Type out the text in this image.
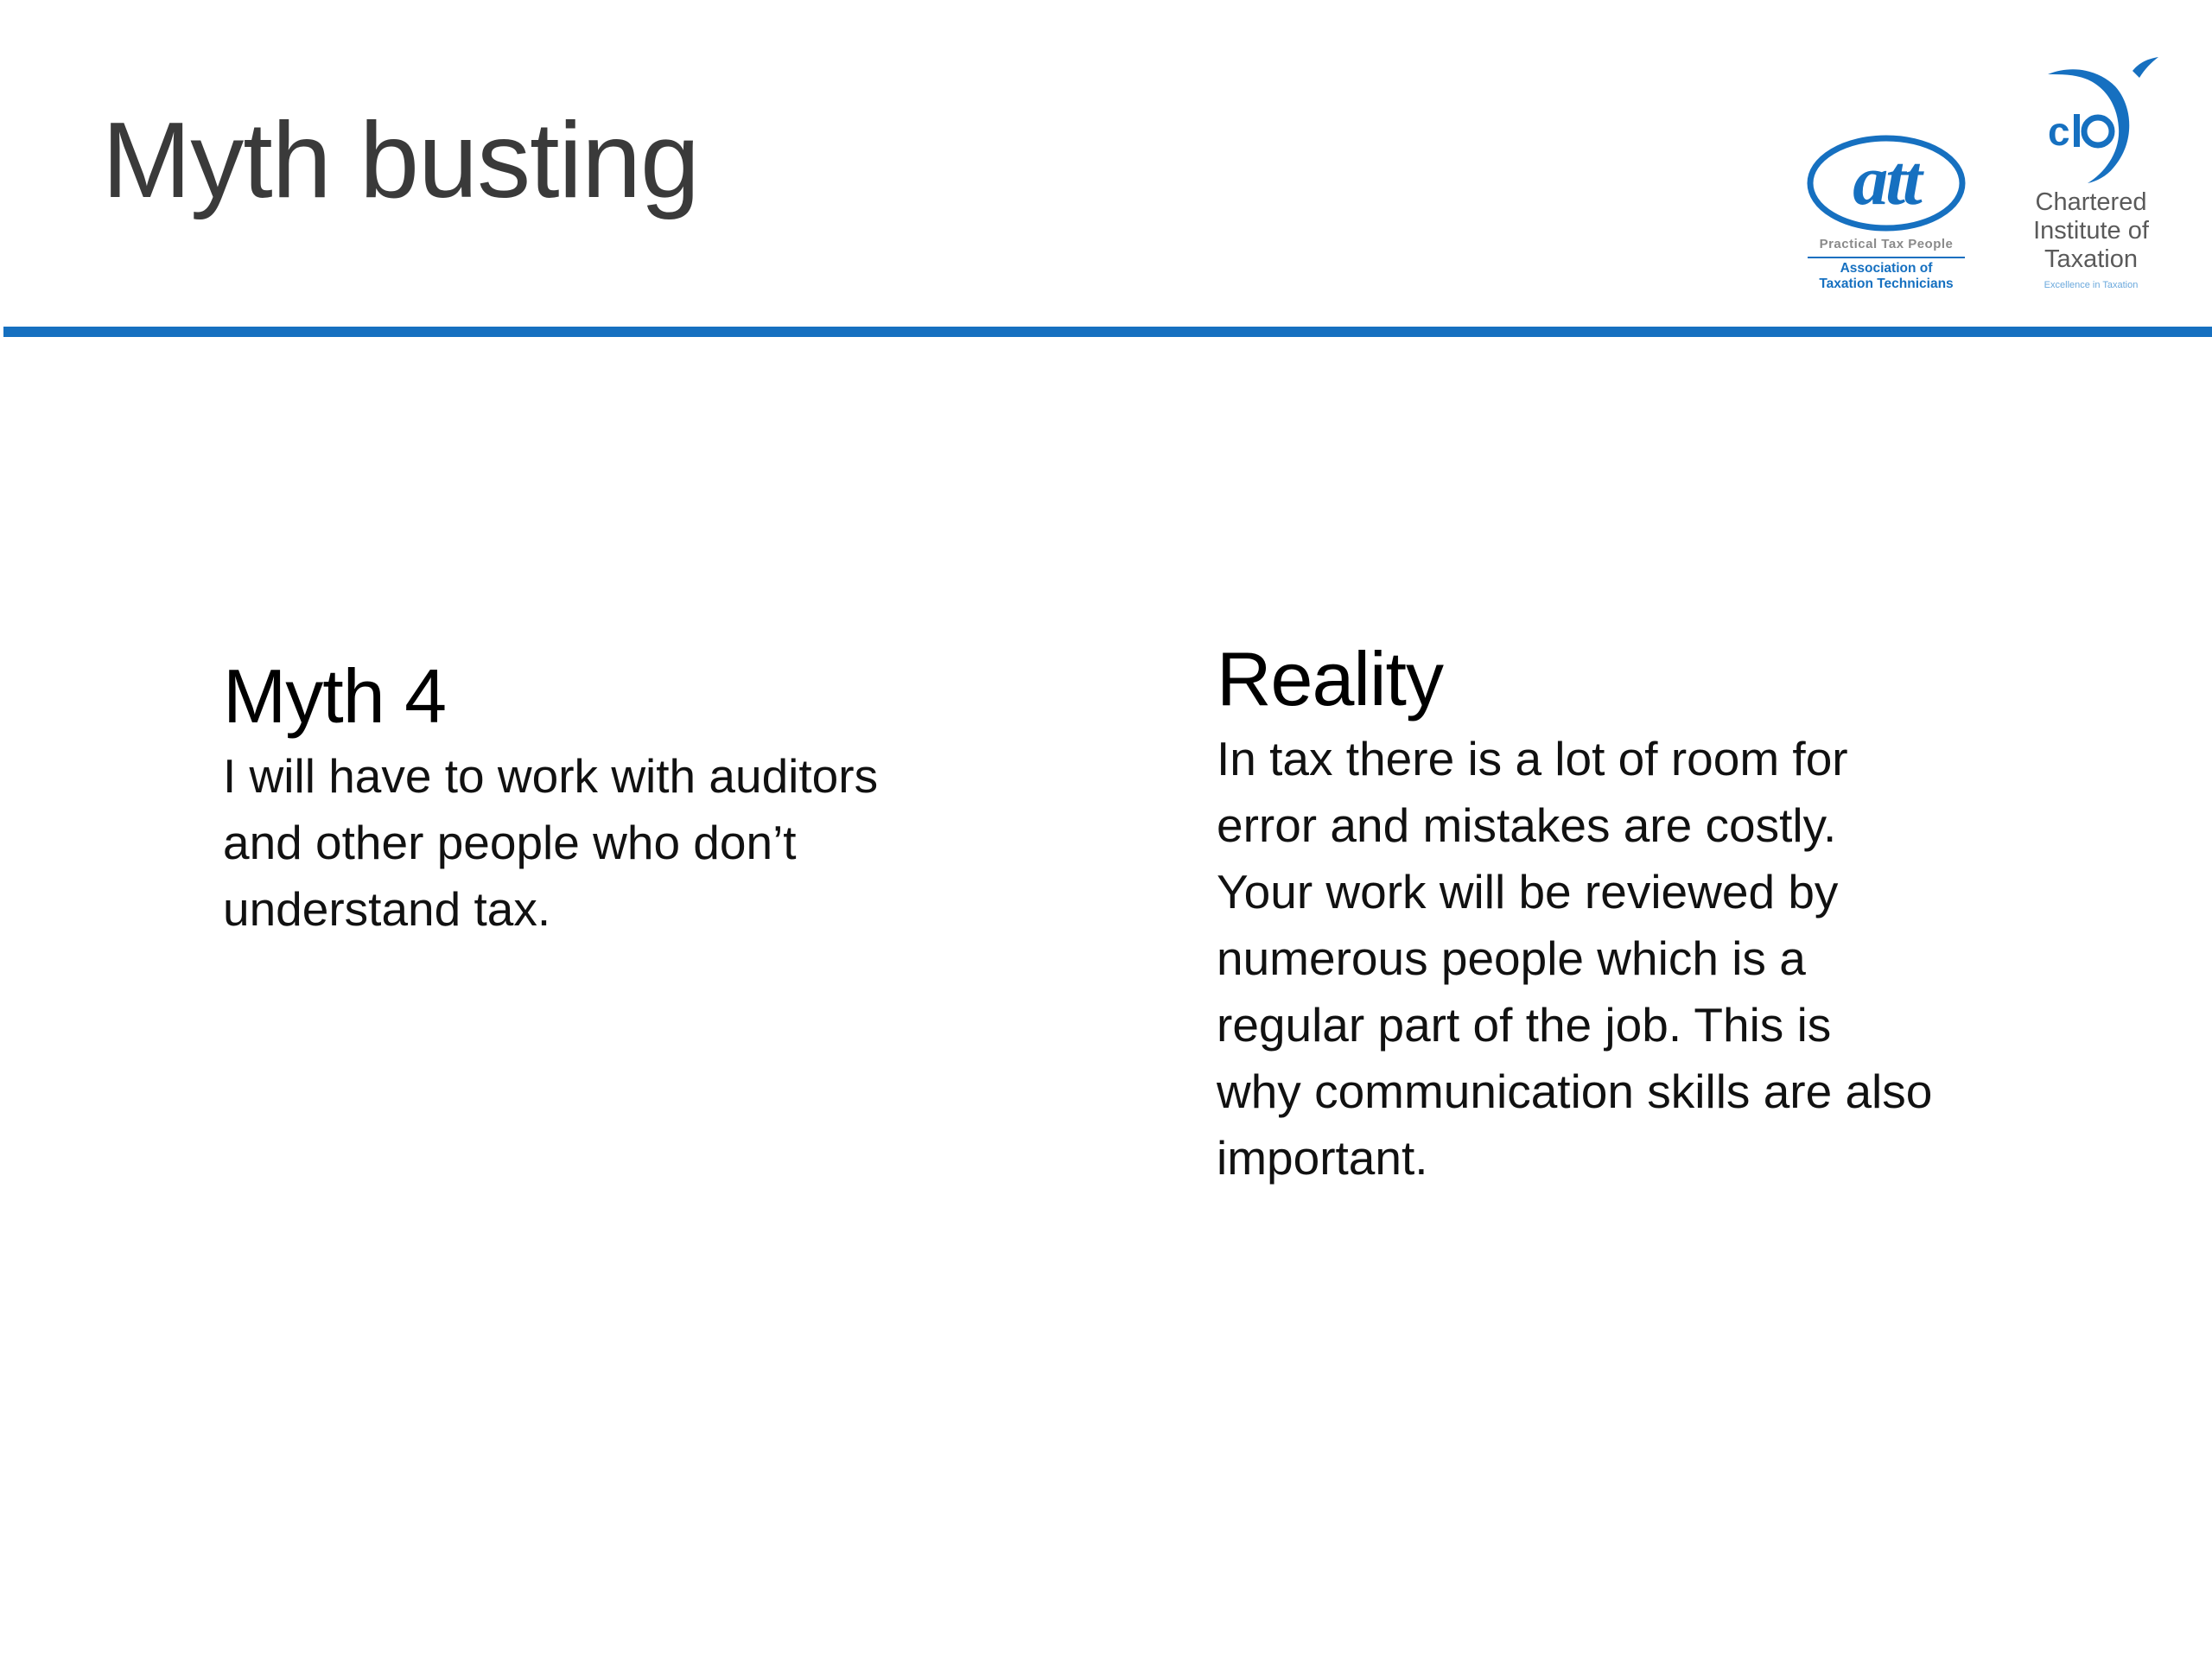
Myth busting	att
Practical Tax People
Association of
Taxation Technicians
c
Chartered
Institute of
Taxation
Excellence in Taxation
Myth 4

I will have to work with auditors
and other people who don’t
understand tax.

Reality

In tax there is a lot of room for
error and mistakes are costly.
Your work will be reviewed by
numerous people which is a
regular part of the job. This is
why communication skills are also
important.
